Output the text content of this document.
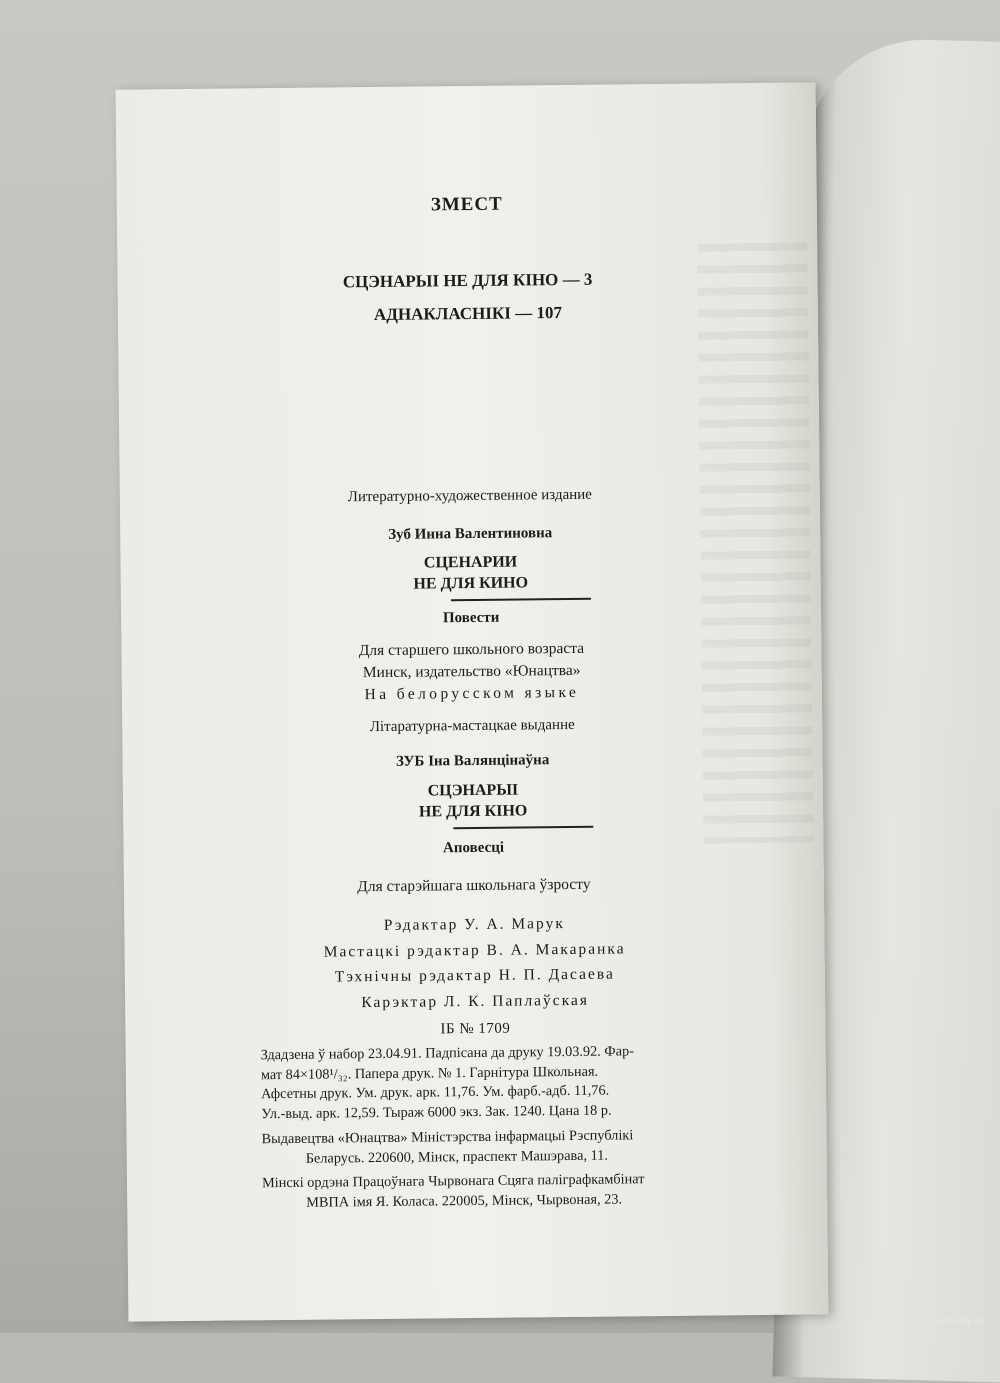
ЗМЕСТ
СЦЭНАРЫІ НЕ ДЛЯ КІНО — 3
АДНАКЛАСНІКІ — 107
Литературно-художественное издание
Зуб Инна Валентиновна
СЦЕНАРИИ
НЕ ДЛЯ КИНО
Повести
Для старшего школьного возраста
Минск, издательство «Юнацтва»
На белорусском языке
Літаратурна-мастацкае выданне
ЗУБ Іна Валянцінаўна
СЦЭНАРЫІ
НЕ ДЛЯ КІНО
Аповесці
Для старэйшага школьнага ўзросту
Рэдактар У. А. Марук
Мастацкі рэдактар В. А. Макаранка
Тэхнічны рэдактар Н. П. Дасаева
Карэктар Л. К. Паплаўская
ІБ № 1709
Здадзена ў набор 23.04.91. Падпісана да друку 19.03.92. Фар-
мат 84×108¹/₃₂. Папера друк. № 1. Гарнітура Школьная.
Афсетны друк. Ум. друк. арк. 11,76. Ум. фарб.-адб. 11,76.
Ул.-выд. арк. 12,59. Тыраж 6000 экз. Зак. 1240. Цана 18 р.
Выдавецтва «Юнацтва» Міністэрства інфармацыі Рэспублікі
Беларусь. 220600, Мінск, праспект Машэрава, 11.
Мінскі ордэна Працоўнага Чырвонага Сцяга паліграфкамбінат
МВПА імя Я. Коласа. 220005, Мінск, Чырвоная, 23.
www.ay.by
